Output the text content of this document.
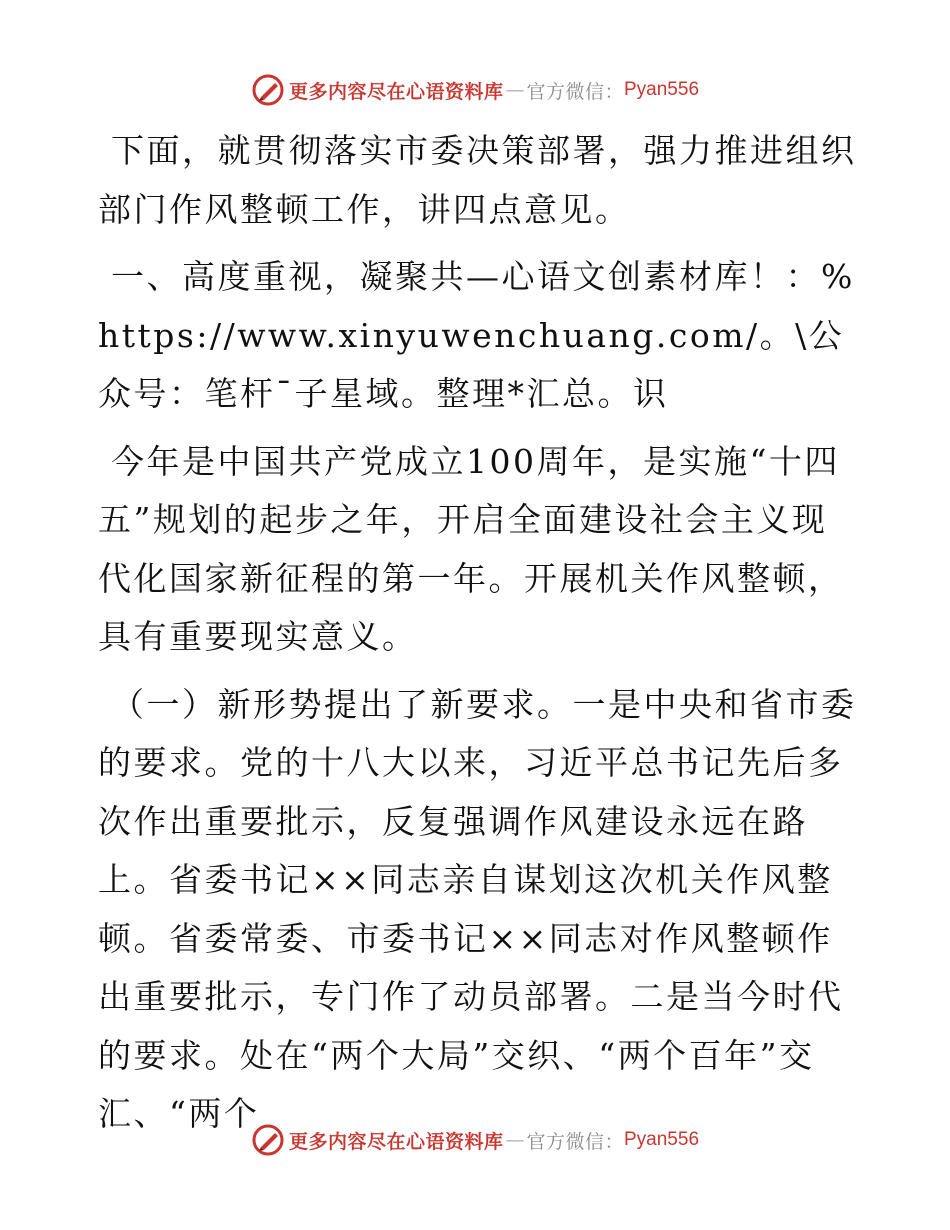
更多内容尽在心语资料库 — 官方微信： Pyan556

下面，就贯彻落实市委决策部署，强力推进组织部门作风整顿工作，讲四点意见。

一、高度重视，凝聚共—心语文创素材库！：%https://www.xinyuwenchuang.com/。\公众号：笔杆¯子星域。整理*汇总。识

今年是中国共产党成立100周年，是实施“十四五”规划的起步之年，开启全面建设社会主义现代化国家新征程的第一年。开展机关作风整顿，具有重要现实意义。

（一）新形势提出了新要求。一是中央和省市委的要求。党的十八大以来，习近平总书记先后多次作出重要批示，反复强调作风建设永远在路上。省委书记××同志亲自谋划这次机关作风整顿。省委常委、市委书记××同志对作风整顿作出重要批示，专门作了动员部署。二是当今时代的要求。处在“两个大局”交织、“两个百年”交汇、“两个

更多内容尽在心语资料库 — 官方微信： Pyan556
